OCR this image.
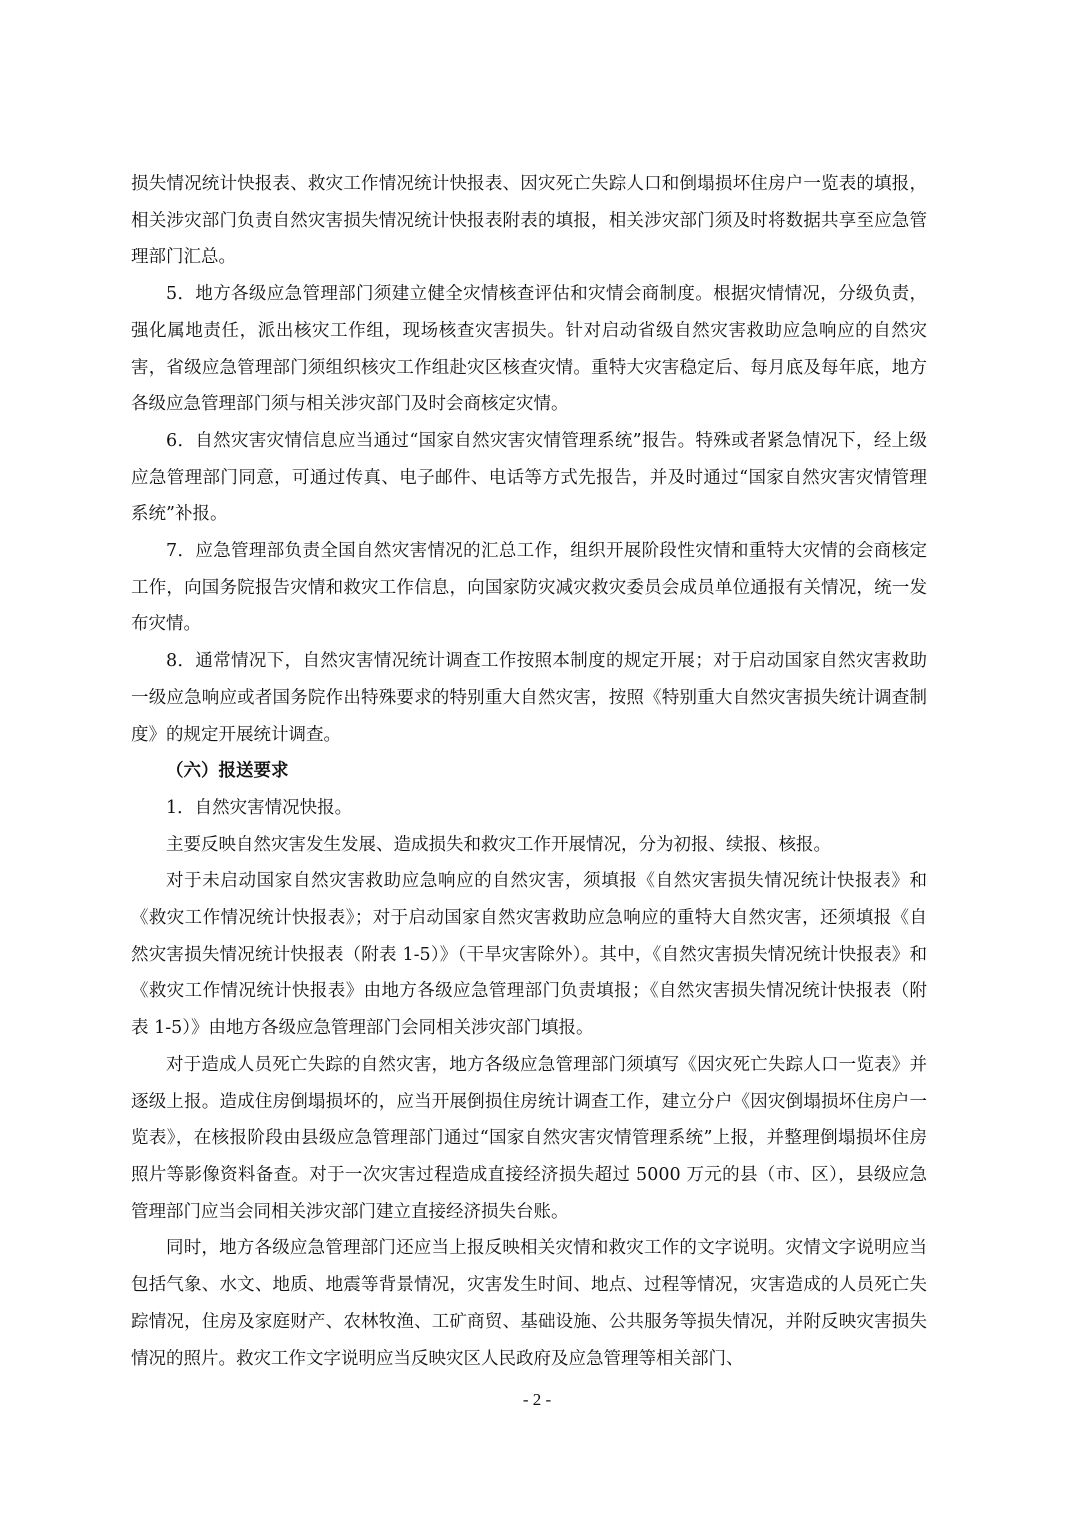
损失情况统计快报表、救灾工作情况统计快报表、因灾死亡失踪人口和倒塌损坏住房户一览表的填报，相关涉灾部门负责自然灾害损失情况统计快报表附表的填报，相关涉灾部门须及时将数据共享至应急管理部门汇总。

5．地方各级应急管理部门须建立健全灾情核查评估和灾情会商制度。根据灾情情况，分级负责，强化属地责任，派出核灾工作组，现场核查灾害损失。针对启动省级自然灾害救助应急响应的自然灾害，省级应急管理部门须组织核灾工作组赴灾区核查灾情。重特大灾害稳定后、每月底及每年底，地方各级应急管理部门须与相关涉灾部门及时会商核定灾情。

6．自然灾害灾情信息应当通过“国家自然灾害灾情管理系统”报告。特殊或者紧急情况下，经上级应急管理部门同意，可通过传真、电子邮件、电话等方式先报告，并及时通过“国家自然灾害灾情管理系统”补报。

7．应急管理部负责全国自然灾害情况的汇总工作，组织开展阶段性灾情和重特大灾情的会商核定工作，向国务院报告灾情和救灾工作信息，向国家防灾减灾救灾委员会成员单位通报有关情况，统一发布灾情。

8．通常情况下，自然灾害情况统计调查工作按照本制度的规定开展；对于启动国家自然灾害救助一级应急响应或者国务院作出特殊要求的特别重大自然灾害，按照《特别重大自然灾害损失统计调查制度》的规定开展统计调查。

（六）报送要求

1．自然灾害情况快报。

主要反映自然灾害发生发展、造成损失和救灾工作开展情况，分为初报、续报、核报。

对于未启动国家自然灾害救助应急响应的自然灾害，须填报《自然灾害损失情况统计快报表》和《救灾工作情况统计快报表》；对于启动国家自然灾害救助应急响应的重特大自然灾害，还须填报《自然灾害损失情况统计快报表（附表 1-5）》（干旱灾害除外）。其中，《自然灾害损失情况统计快报表》和《救灾工作情况统计快报表》由地方各级应急管理部门负责填报；《自然灾害损失情况统计快报表（附表 1-5）》由地方各级应急管理部门会同相关涉灾部门填报。

对于造成人员死亡失踪的自然灾害，地方各级应急管理部门须填写《因灾死亡失踪人口一览表》并逐级上报。造成住房倒塌损坏的，应当开展倒损住房统计调查工作，建立分户《因灾倒塌损坏住房户一览表》，在核报阶段由县级应急管理部门通过“国家自然灾害灾情管理系统”上报，并整理倒塌损坏住房照片等影像资料备查。对于一次灾害过程造成直接经济损失超过 5000 万元的县（市、区），县级应急管理部门应当会同相关涉灾部门建立直接经济损失台账。

同时，地方各级应急管理部门还应当上报反映相关灾情和救灾工作的文字说明。灾情文字说明应当包括气象、水文、地质、地震等背景情况，灾害发生时间、地点、过程等情况，灾害造成的人员死亡失踪情况，住房及家庭财产、农林牧渔、工矿商贸、基础设施、公共服务等损失情况，并附反映灾害损失情况的照片。救灾工作文字说明应当反映灾区人民政府及应急管理等相关部门、

- 2 -
